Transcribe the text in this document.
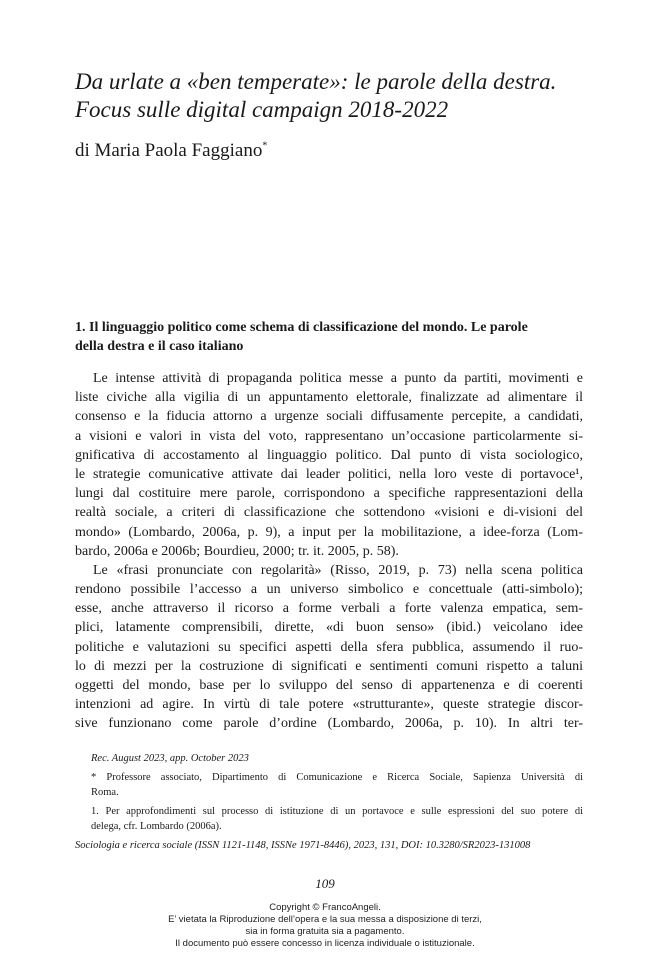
Da urlate a «ben temperate»: le parole della destra.
Focus sulle digital campaign 2018-2022

di Maria Paola Faggiano*

1. Il linguaggio politico come schema di classificazione del mondo. Le parole
della destra e il caso italiano
Le intense attività di propaganda politica messe a punto da partiti, movimenti e
liste civiche alla vigilia di un appuntamento elettorale, finalizzate ad alimentare il
consenso e la fiducia attorno a urgenze sociali diffusamente percepite, a candidati,
a visioni e valori in vista del voto, rappresentano un’occasione particolarmente si-
gnificativa di accostamento al linguaggio politico. Dal punto di vista sociologico,
le strategie comunicative attivate dai leader politici, nella loro veste di portavoce¹,
lungi dal costituire mere parole, corrispondono a specifiche rappresentazioni della
realtà sociale, a criteri di classificazione che sottendono «visioni e di-visioni del
mondo» (Lombardo, 2006a, p. 9), a input per la mobilitazione, a idee-forza (Lom-
bardo, 2006a e 2006b; Bourdieu, 2000; tr. it. 2005, p. 58).
Le «frasi pronunciate con regolarità» (Risso, 2019, p. 73) nella scena politica
rendono possibile l’accesso a un universo simbolico e concettuale (atti-simbolo);
esse, anche attraverso il ricorso a forme verbali a forte valenza empatica, sem-
plici, latamente comprensibili, dirette, «di buon senso» (ibid.) veicolano idee
politiche e valutazioni su specifici aspetti della sfera pubblica, assumendo il ruo-
lo di mezzi per la costruzione di significati e sentimenti comuni rispetto a taluni
oggetti del mondo, base per lo sviluppo del senso di appartenenza e di coerenti
intenzioni ad agire. In virtù di tale potere «strutturante», queste strategie discor-
sive funzionano come parole d’ordine (Lombardo, 2006a, p. 10). In altri ter-

Rec. August 2023, app. October 2023

* Professore associato, Dipartimento di Comunicazione e Ricerca Sociale, Sapienza Università di
Roma.

1. Per approfondimenti sul processo di istituzione di un portavoce e sulle espressioni del suo potere di
delega, cfr. Lombardo (2006a).

Sociologia e ricerca sociale (ISSN 1121-1148, ISSNe 1971-8446), 2023, 131, DOI: 10.3280/SR2023-131008
109
Copyright © FrancoAngeli.
E’ vietata la Riproduzione dell’opera e la sua messa a disposizione di terzi,
sia in forma gratuita sia a pagamento.
Il documento può essere concesso in licenza individuale o istituzionale.
